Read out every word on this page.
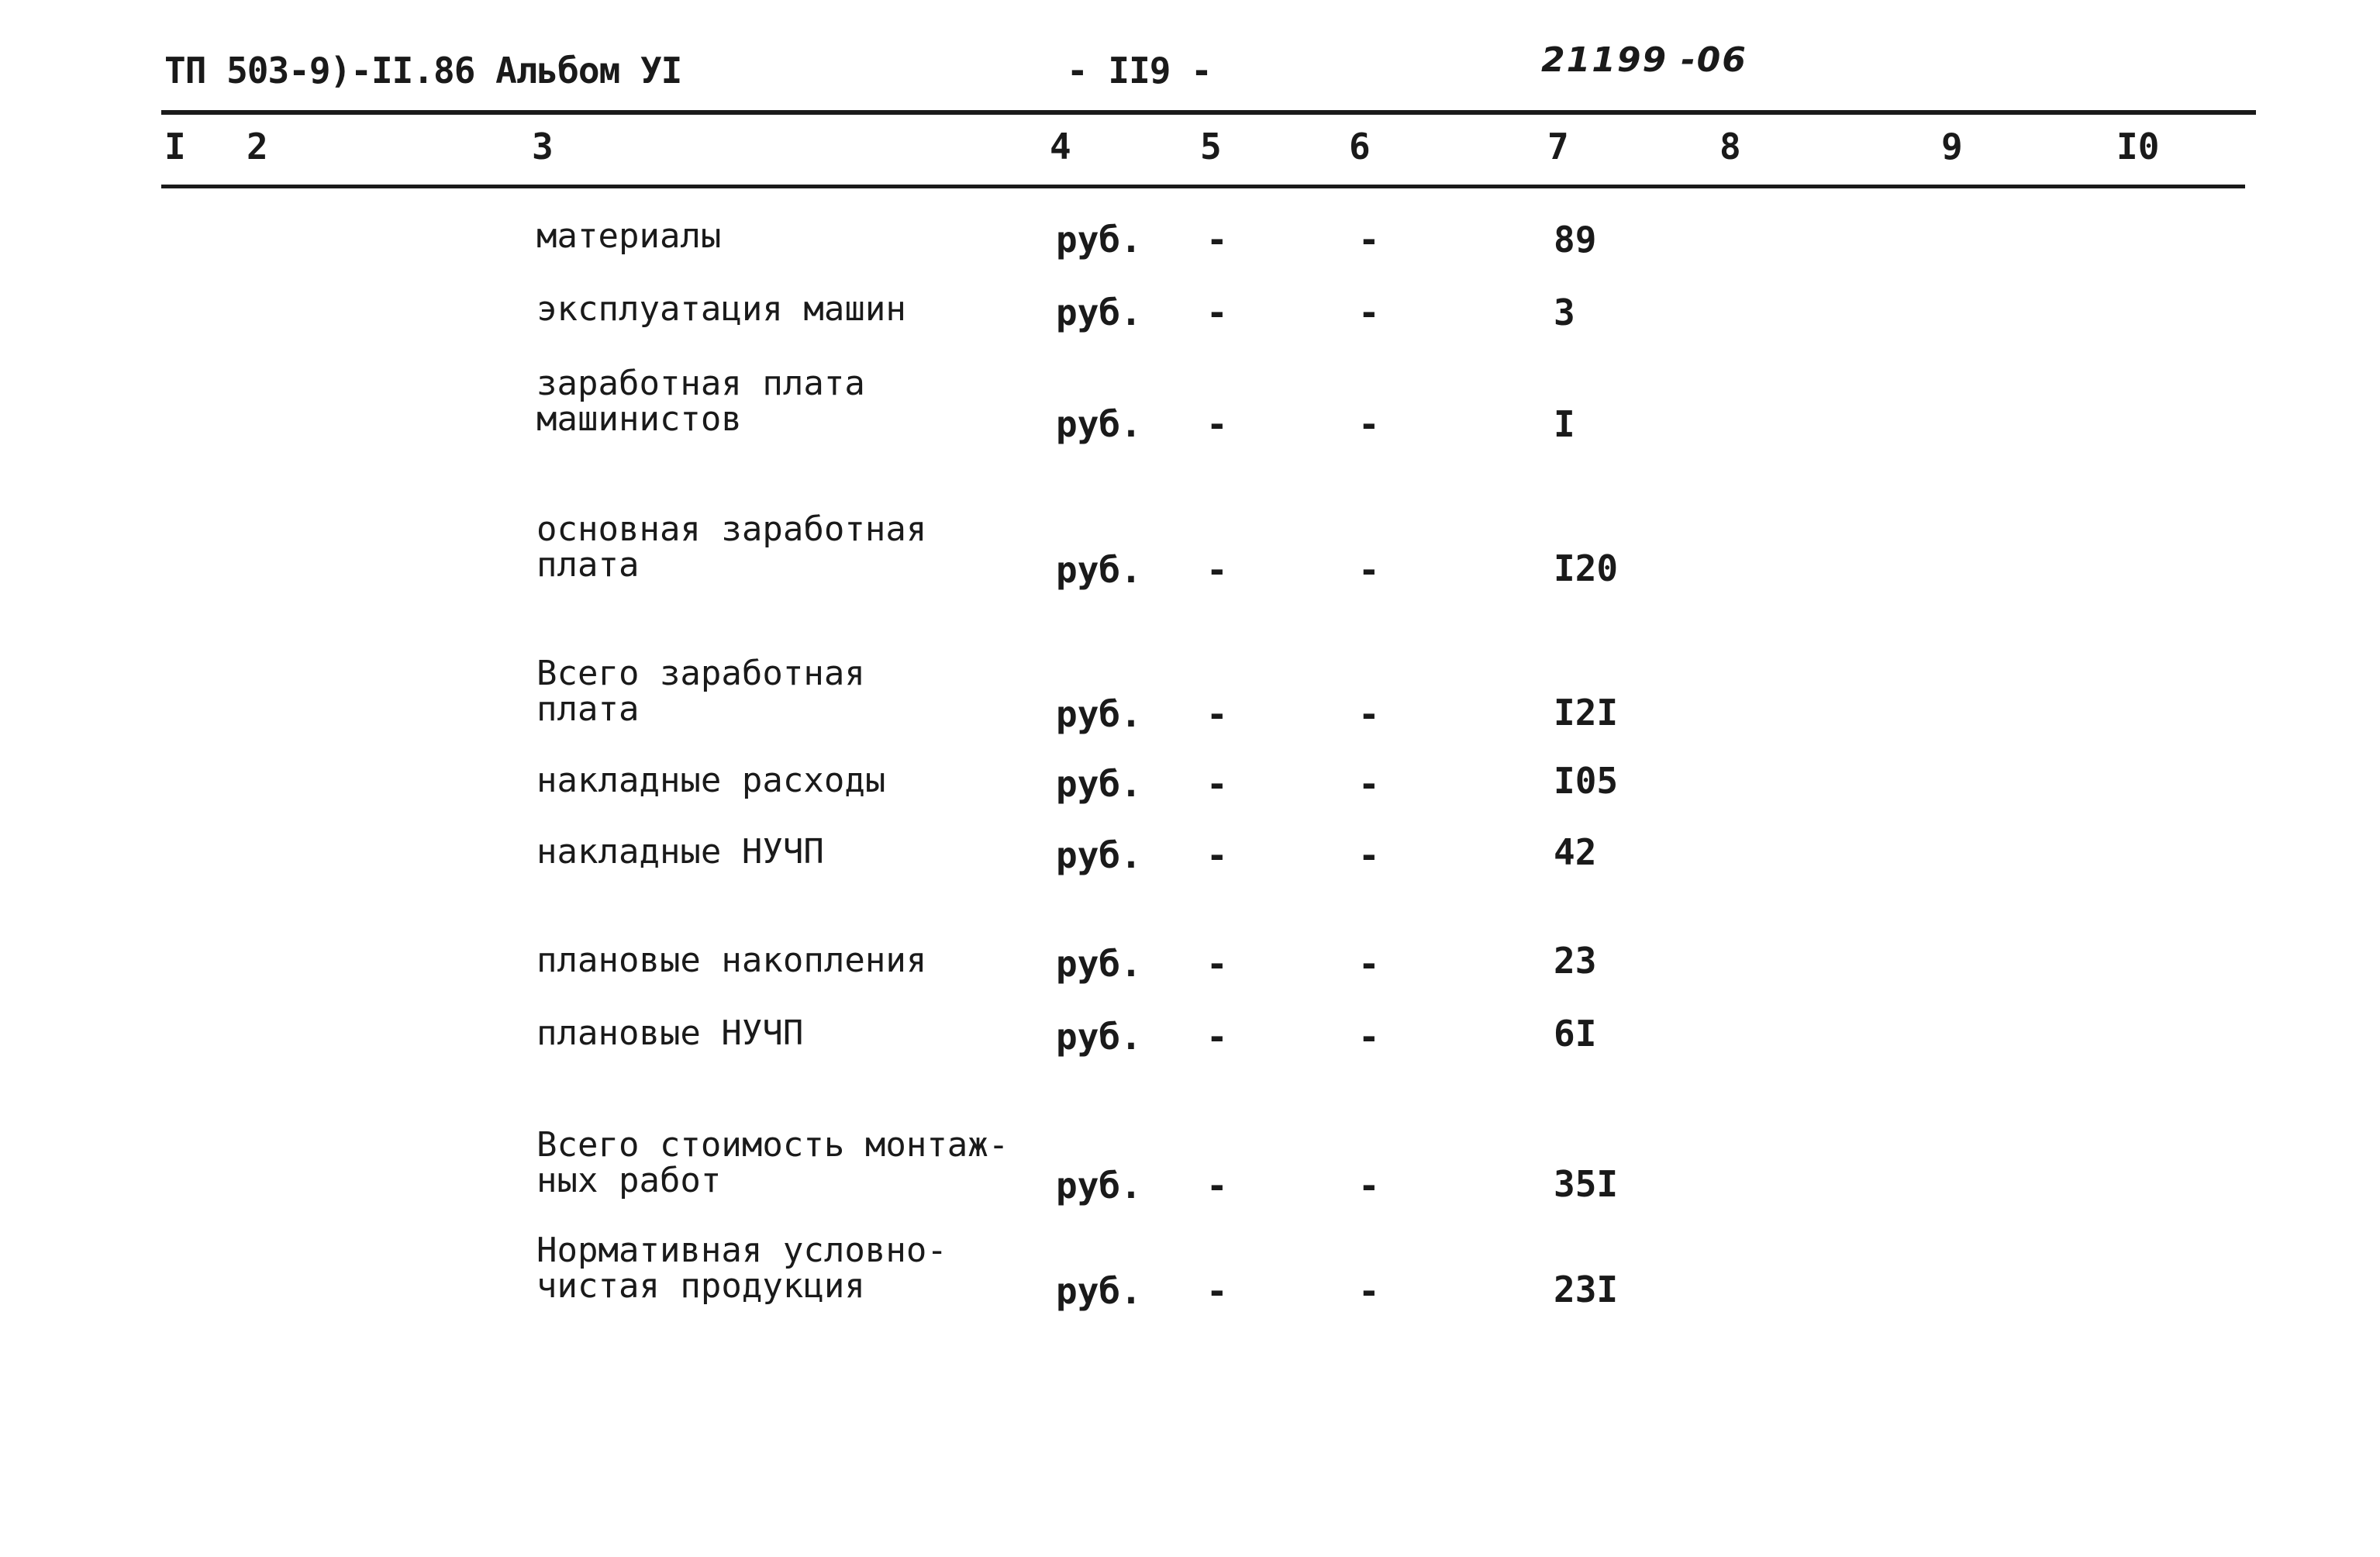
ТП 503-9)-II.86 Альбом УI	- II9 -	21199 -06
I 2	3	4	5	6	7	8	9	I0
материалы	руб. -	-	89
эксплуатация машин	руб. -	-	3
заработная плата
машинистов	руб. -	-	I
основная заработная
плата	руб. -	-	I20
Всего заработная
плата	руб. -	-	I2I
накладные расходы	руб. -	-	I05
накладные НУЧП	руб. -	-	42
плановые накопления	руб. -	-	23
плановые НУЧП	руб. -	-	6I
Всего стоимость монтаж-
ных работ	руб. -	-	35I
Нормативная условно-
чистая продукция	руб. -	-	23I
